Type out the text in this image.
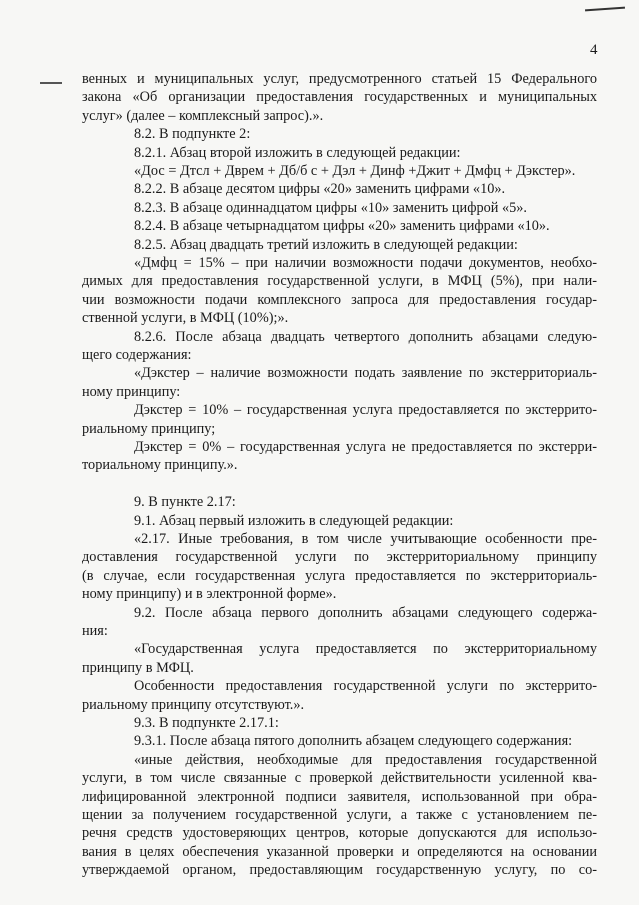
4
венных и муниципальных услуг, предусмотренного статьей 15 Федерального
закона «Об организации предоставления государственных и муниципальных
услуг» (далее – комплексный запрос).».
8.2. В подпункте 2:
8.2.1. Абзац второй изложить в следующей редакции:
«Дос = Дтсл + Дврем + Дб/б с + Дэл + Динф +Джит + Дмфц + Дэкстер».
8.2.2. В абзаце десятом цифры «20» заменить цифрами «10».
8.2.3. В абзаце одиннадцатом цифры «10» заменить цифрой «5».
8.2.4. В абзаце четырнадцатом цифры «20» заменить цифрами «10».
8.2.5. Абзац двадцать третий изложить в следующей редакции:
«Дмфц = 15% – при наличии возможности подачи документов, необхо-
димых для предоставления государственной услуги, в МФЦ (5%), при нали-
чии возможности подачи комплексного запроса для предоставления государ-
ственной услуги, в МФЦ (10%);».
8.2.6. После абзаца двадцать четвертого дополнить абзацами следую-
щего содержания:
«Дэкстер – наличие возможности подать заявление по экстерриториаль-
ному принципу:
Дэкстер = 10% – государственная услуга предоставляется по экстеррито-
риальному принципу;
Дэкстер = 0% – государственная услуга не предоставляется по экстерри-
ториальному принципу.».
9. В пункте 2.17:
9.1. Абзац первый изложить в следующей редакции:
«2.17. Иные требования, в том числе учитывающие особенности пре-
доставления государственной услуги по экстерриториальному принципу
(в случае, если государственная услуга предоставляется по экстерриториаль-
ному принципу) и в электронной форме».
9.2. После абзаца первого дополнить абзацами следующего содержа-
ния:
«Государственная услуга предоставляется по экстерриториальному
принципу в МФЦ.
Особенности предоставления государственной услуги по экстеррито-
риальному принципу отсутствуют.».
9.3. В подпункте 2.17.1:
9.3.1. После абзаца пятого дополнить абзацем следующего содержания:
«иные действия, необходимые для предоставления государственной
услуги, в том числе связанные с проверкой действительности усиленной ква-
лифицированной электронной подписи заявителя, использованной при обра-
щении за получением государственной услуги, а также с установлением пе-
речня средств удостоверяющих центров, которые допускаются для использо-
вания в целях обеспечения указанной проверки и определяются на основании
утверждаемой органом, предоставляющим государственную услугу, по со-
